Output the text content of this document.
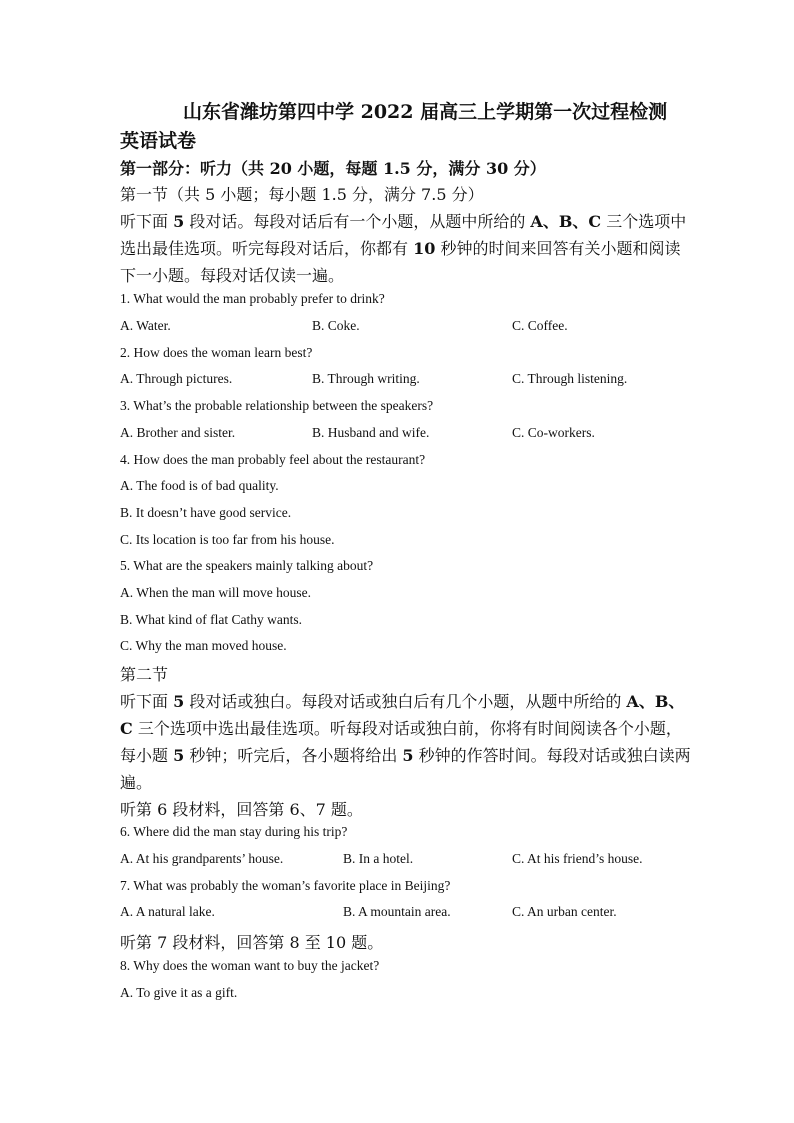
山东省潍坊第四中学 2022 届高三上学期第一次过程检测
英语试卷
第一部分：听力（共 20 小题，每题 1.5 分，满分 30 分）
第一节（共 5 小题；每小题 1.5 分，满分 7.5 分）
听下面 5 段对话。每段对话后有一个小题，从题中所给的 A、B、C 三个选项中
选出最佳选项。听完每段对话后，你都有 10 秒钟的时间来回答有关小题和阅读
下一小题。每段对话仅读一遍。
1. What would the man probably prefer to drink?
A. Water.	B. Coke.	C. Coffee.
2. How does the woman learn best?
A. Through pictures.	B. Through writing.	C. Through listening.
3. What’s the probable relationship between the speakers?
A. Brother and sister.	B. Husband and wife.	C. Co-workers.
4. How does the man probably feel about the restaurant?
A. The food is of bad quality.
B. It doesn’t have good service.
C. Its location is too far from his house.
5. What are the speakers mainly talking about?
A. When the man will move house.
B. What kind of flat Cathy wants.
C. Why the man moved house.
第二节
听下面 5 段对话或独白。每段对话或独白后有几个小题，从题中所给的 A、B、
C 三个选项中选出最佳选项。听每段对话或独白前，你将有时间阅读各个小题，
每小题 5 秒钟；听完后，各小题将给出 5 秒钟的作答时间。每段对话或独白读两
遍。
听第 6 段材料，回答第 6、7 题。
6. Where did the man stay during his trip?
A. At his grandparents’ house.	B. In a hotel.	C. At his friend’s house.
7. What was probably the woman’s favorite place in Beijing?
A. A natural lake.	B. A mountain area.	C. An urban center.
听第 7 段材料，回答第 8 至 10 题。
8. Why does the woman want to buy the jacket?
A. To give it as a gift.
